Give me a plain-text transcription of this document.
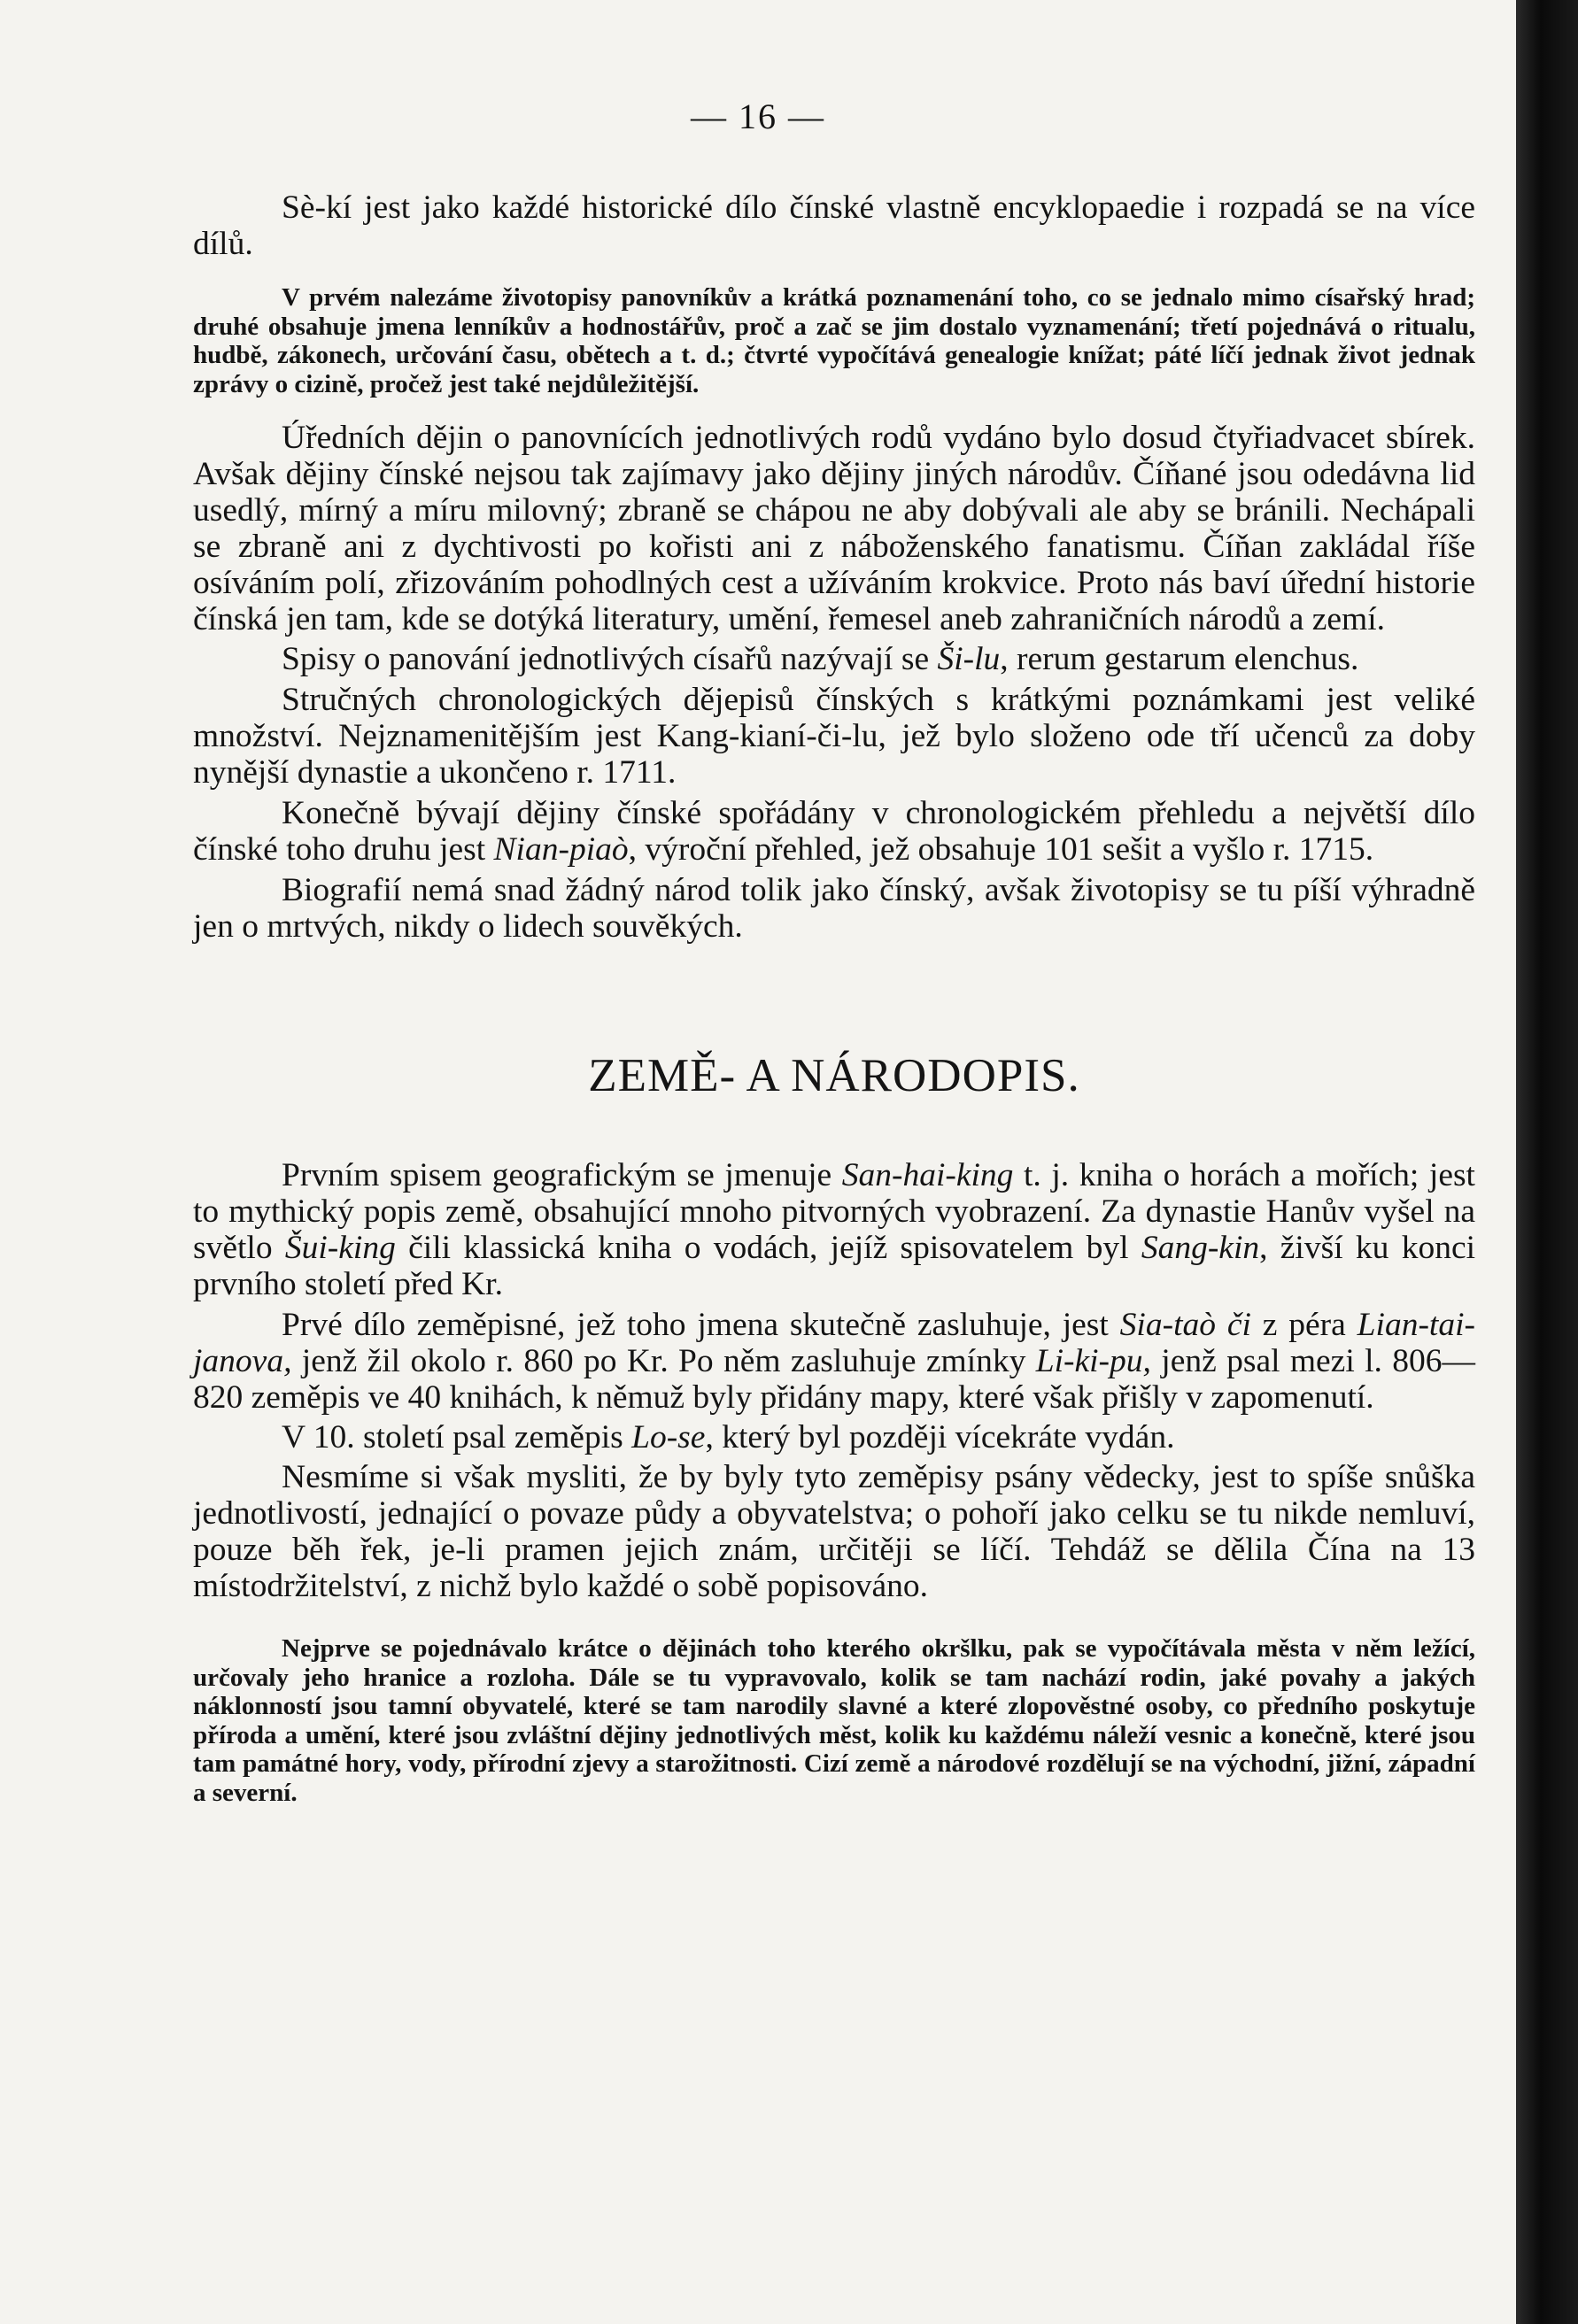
— 16 —

Sè-kí jest jako každé historické dílo čínské vlastně encyklopaedie i rozpadá se na více dílů.

V prvém nalezáme životopisy panovníkův a krátká poznamenání toho, co se jednalo mimo císařský hrad; druhé obsahuje jmena lenníkův a hodnostářův, proč a zač se jim dostalo vyznamenání; třetí pojednává o ritualu, hudbě, zákonech, určování času, obětech a t. d.; čtvrté vypočítává genealogie knížat; páté líčí jednak život jednak zprávy o cizině, pročež jest také nejdůležitější.

Úředních dějin o panovnících jednotlivých rodů vydáno bylo dosud čtyřiadvacet sbírek. Avšak dějiny čínské nejsou tak zajímavy jako dějiny jiných národův. Číňané jsou odedávna lid usedlý, mírný a míru milovný; zbraně se chápou ne aby dobývali ale aby se bránili. Nechápali se zbraně ani z dychtivosti po kořisti ani z náboženského fanatismu. Číňan zakládal říše osíváním polí, zřizováním pohodlných cest a užíváním krokvice. Proto nás baví úřední historie čínská jen tam, kde se dotýká literatury, umění, řemesel aneb zahraničních národů a zemí.

Spisy o panování jednotlivých císařů nazývají se Ši-lu, rerum gestarum elenchus.

Stručných chronologických dějepisů čínských s krátkými poznámkami jest veliké množství. Nejznamenitějším jest Kang-kianí-či-lu, jež bylo složeno ode tří učenců za doby nynější dynastie a ukončeno r. 1711.

Konečně bývají dějiny čínské spořádány v chronologickém přehledu a největší dílo čínské toho druhu jest Nian-piaò, výroční přehled, jež obsahuje 101 sešit a vyšlo r. 1715.

Biografií nemá snad žádný národ tolik jako čínský, avšak životopisy se tu píší výhradně jen o mrtvých, nikdy o lidech souvěkých.

ZEMĚ- A NÁRODOPIS.

Prvním spisem geografickým se jmenuje San-hai-king t. j. kniha o horách a mořích; jest to mythický popis země, obsahující mnoho pitvorných vyobrazení. Za dynastie Hanův vyšel na světlo Šui-king čili klassická kniha o vodách, jejíž spisovatelem byl Sang-kin, živší ku konci prvního století před Kr.

Prvé dílo zeměpisné, jež toho jmena skutečně zasluhuje, jest Sia-taò či z péra Lian-tai-janova, jenž žil okolo r. 860 po Kr. Po něm zasluhuje zmínky Li-ki-pu, jenž psal mezi l. 806—820 zeměpis ve 40 knihách, k němuž byly přidány mapy, které však přišly v zapomenutí.

V 10. století psal zeměpis Lo-se, který byl později vícekráte vydán.

Nesmíme si však mysliti, že by byly tyto zeměpisy psány vědecky, jest to spíše snůška jednotlivostí, jednající o povaze půdy a obyvatelstva; o pohoří jako celku se tu nikde nemluví, pouze běh řek, je-li pramen jejich znám, určitěji se líčí. Tehdáž se dělila Čína na 13 místodržitelství, z nichž bylo každé o sobě popisováno.

Nejprve se pojednávalo krátce o dějinách toho kterého okršlku, pak se vypočítávala města v něm ležící, určovaly jeho hranice a rozloha. Dále se tu vypravovalo, kolik se tam nachází rodin, jaké povahy a jakých náklonností jsou tamní obyvatelé, které se tam narodily slavné a které zlopověstné osoby, co předního poskytuje příroda a umění, které jsou zvláštní dějiny jednotlivých měst, kolik ku každému náleží vesnic a konečně, které jsou tam památné hory, vody, přírodní zjevy a starožitnosti. Cizí země a národové rozdělují se na východní, jižní, západní a severní.
